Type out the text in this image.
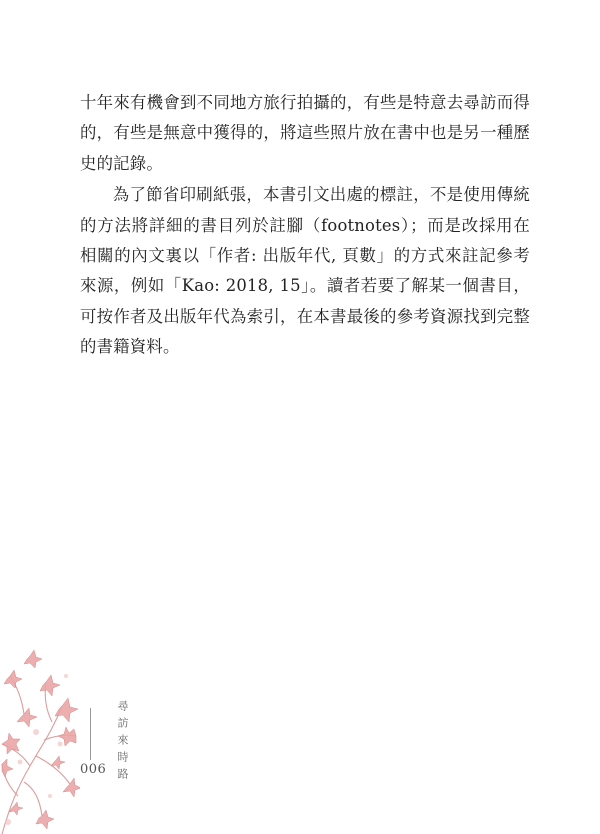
十年來有機會到不同地方旅行拍攝的，有些是特意去尋訪而得的，有些是無意中獲得的，將這些照片放在書中也是另一種歷史的記錄。

為了節省印刷紙張，本書引文出處的標註，不是使用傳統的方法將詳細的書目列於註腳（footnotes）；而是改採用在相關的內文裏以「作者: 出版年代, 頁數」的方式來註記參考來源，例如「Kao: 2018, 15」。讀者若要了解某一個書目，可按作者及出版年代為索引，在本書最後的參考資源找到完整的書籍資料。

006 尋訪來時路
